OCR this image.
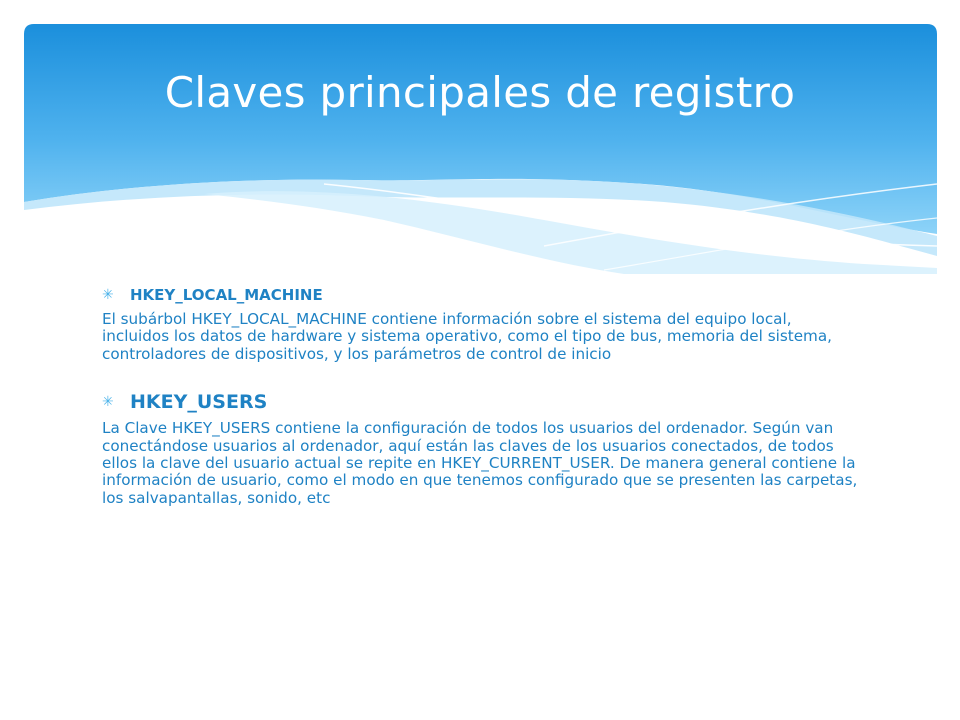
Claves principales de registro
✳	HKEY_LOCAL_MACHINE

El subárbol HKEY_LOCAL_MACHINE contiene información sobre el sistema del equipo local, incluidos los datos de hardware y sistema operativo, como el tipo de bus, memoria del sistema, controladores de dispositivos, y los parámetros de control de inicio

✳ HKEY_USERS

La Clave HKEY_USERS contiene la configuración de todos los usuarios del ordenador. Según van conectándose usuarios al ordenador, aquí están las claves de los usuarios conectados, de todos ellos la clave del usuario actual se repite en HKEY_CURRENT_USER. De manera general contiene la información de usuario, como el modo en que tenemos configurado que se presenten las carpetas, los salvapantallas, sonido, etc
